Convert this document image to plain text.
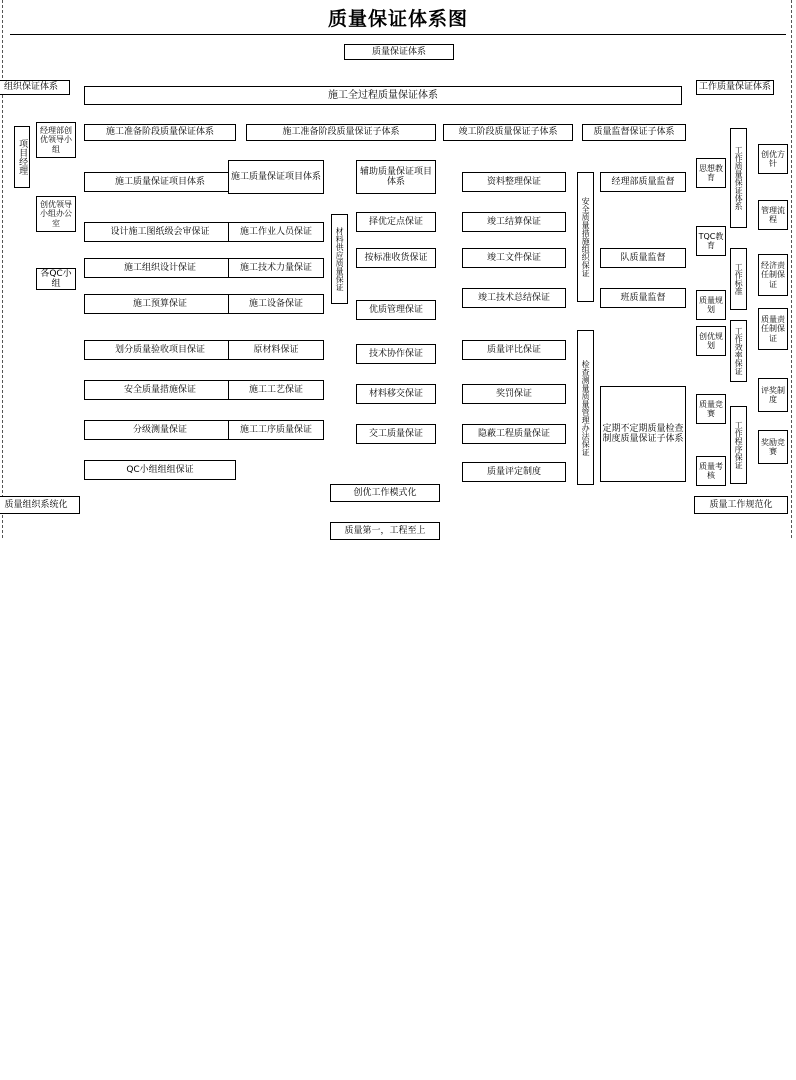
质量保证体系图
质量保证体系
组织保证体系
施工全过程质量保证体系
工作质量保证体系
项目经理
经理部创优领导小组
创优领导小组办公室
各QC小组
施工准备阶段质量保证体系	施工准备阶段质量保证子体系	竣工阶段质量保证子体系	质量监督保证子体系
施工质量保证项目体系
设计施工图纸级会审保证
施工组织设计保证
施工预算保证
划分质量验收项目保证
安全质量措施保证
分级测量保证
QC小组组组保证
施工质量保证项目体系
施工作业人员保证
施工技术力量保证
施工设备保证
原材料保证
施工工艺保证
施工工序质量保证
辅助质量保证项目体系
材料供应质量保证
择优定点保证
按标准收货保证
优质管理保证
技术协作保证
材料移交保证
交工质量保证
资料整理保证
竣工结算保证
竣工文件保证
竣工技术总结保证
质量评比保证
奖罚保证
隐蔽工程质量保证
质量评定制度
安全质量措施组织保证
检查测量质量管理办法保证
经理部质量监督
队质量监督
班质量监督
定期不定期质量检查制度质量保证子体系
思想教育
TQC教育
质量规划
创优规划
质量竞赛
质量考核
工作质量保证体系
工作标准
工作效率保证
工作程序保证
创优方针
管理流程
经济责任制保证
质量责任制保证
评奖制度
奖励竞赛
质量组织系统化
创优工作模式化
质量工作规范化
质量第一，工程至上
